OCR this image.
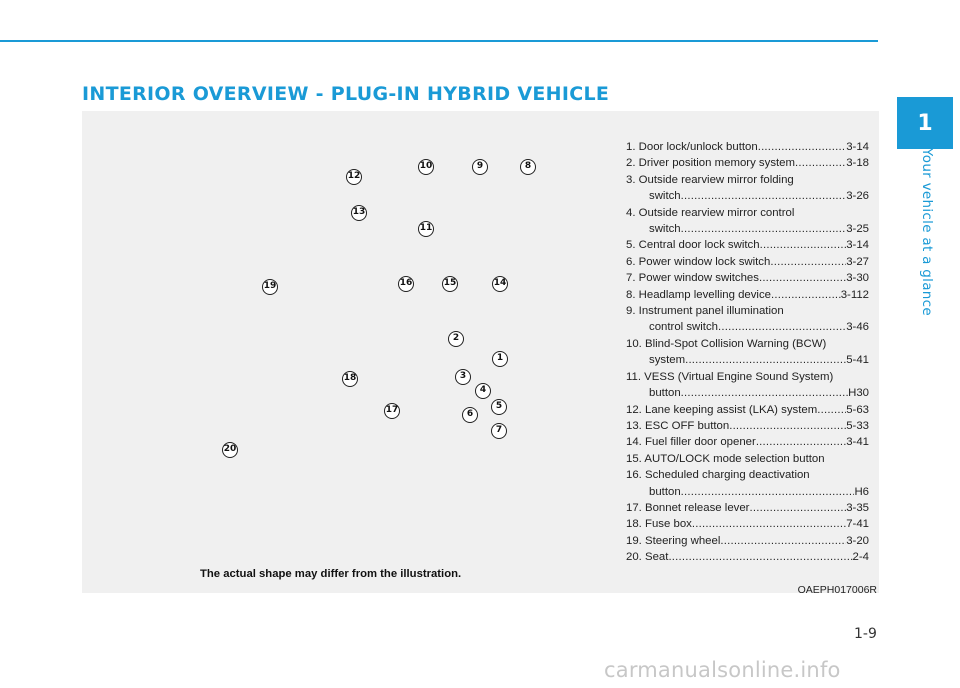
INTERIOR OVERVIEW - PLUG-IN HYBRID VEHICLE
1
Your vehicle at a glance
1
2
3
4
5
6
7
8
9
10
11
12
13
14
15
16
17
18
19
20
1. Door lock/unlock button .....	3-14
2. Driver position memory system .....	3-18
3. Outside rearview mirror folding
switch .....	3-26
4. Outside rearview mirror control
switch .....	3-25
5. Central door lock switch .....	3-14
6. Power window lock switch .....	3-27
7. Power window switches .....	3-30
8. Headlamp levelling device .....	3-112
9. Instrument panel illumination
control switch .....	3-46
10. Blind-Spot Collision Warning (BCW)
system .....	5-41
11. VESS (Virtual Engine Sound System)
button .....	H30
12. Lane keeping assist (LKA) system .....	5-63
13. ESC OFF button .....	5-33
14. Fuel filler door opener .....	3-41
15. AUTO/LOCK mode selection button
16. Scheduled charging deactivation
button .....	H6
17. Bonnet release lever .....	3-35
18. Fuse box .....	7-41
19. Steering wheel .....	3-20
20. Seat .....	2-4
The actual shape may differ from the illustration.
OAEPH017006R
1-9
carmanualsonline.info
